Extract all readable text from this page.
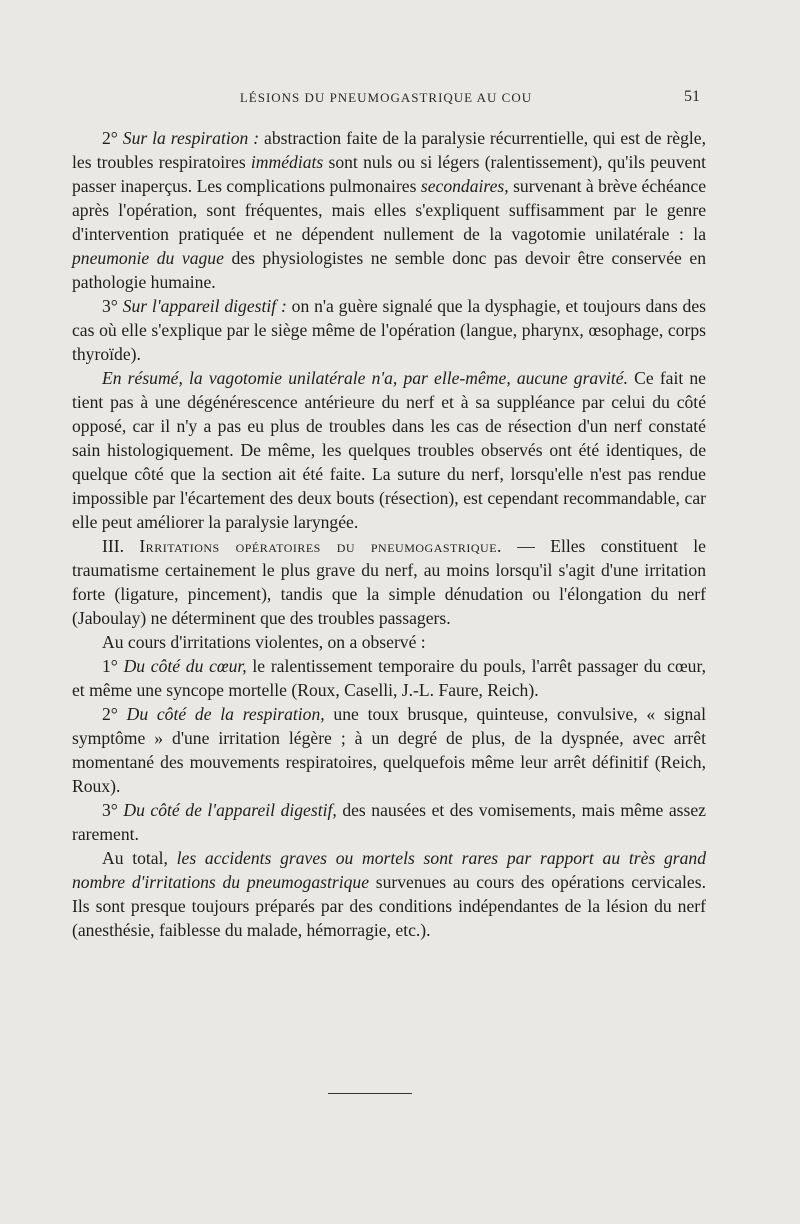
LÉSIONS DU PNEUMOGASTRIQUE AU COU	51

2° Sur la respiration : abstraction faite de la paralysie récurrentielle, qui est de règle, les troubles respiratoires immédiats sont nuls ou si légers (ralentissement), qu'ils peuvent passer inaperçus. Les complications pulmonaires secondaires, survenant à brève échéance après l'opération, sont fréquentes, mais elles s'expliquent suffisamment par le genre d'intervention pratiquée et ne dépendent nullement de la vagotomie unilatérale : la pneumonie du vague des physiologistes ne semble donc pas devoir être conservée en pathologie humaine.

3° Sur l'appareil digestif : on n'a guère signalé que la dysphagie, et toujours dans des cas où elle s'explique par le siège même de l'opération (langue, pharynx, œsophage, corps thyroïde).

En résumé, la vagotomie unilatérale n'a, par elle-même, aucune gravité. Ce fait ne tient pas à une dégénérescence antérieure du nerf et à sa suppléance par celui du côté opposé, car il n'y a pas eu plus de troubles dans les cas de résection d'un nerf constaté sain histologiquement. De même, les quelques troubles observés ont été identiques, de quelque côté que la section ait été faite. La suture du nerf, lorsqu'elle n'est pas rendue impossible par l'écartement des deux bouts (résection), est cependant recommandable, car elle peut améliorer la paralysie laryngée.

III. Irritations opératoires du pneumogastrique. — Elles constituent le traumatisme certainement le plus grave du nerf, au moins lorsqu'il s'agit d'une irritation forte (ligature, pincement), tandis que la simple dénudation ou l'élongation du nerf (Jaboulay) ne déterminent que des troubles passagers.

Au cours d'irritations violentes, on a observé :

1° Du côté du cœur, le ralentissement temporaire du pouls, l'arrêt passager du cœur, et même une syncope mortelle (Roux, Caselli, J.-L. Faure, Reich).

2° Du côté de la respiration, une toux brusque, quinteuse, convulsive, « signal symptôme » d'une irritation légère ; à un degré de plus, de la dyspnée, avec arrêt momentané des mouvements respiratoires, quelquefois même leur arrêt définitif (Reich, Roux).

3° Du côté de l'appareil digestif, des nausées et des vomisements, mais même assez rarement.

Au total, les accidents graves ou mortels sont rares par rapport au très grand nombre d'irritations du pneumogastrique survenues au cours des opérations cervicales. Ils sont presque toujours préparés par des conditions indépendantes de la lésion du nerf (anesthésie, faiblesse du malade, hémorragie, etc.).
